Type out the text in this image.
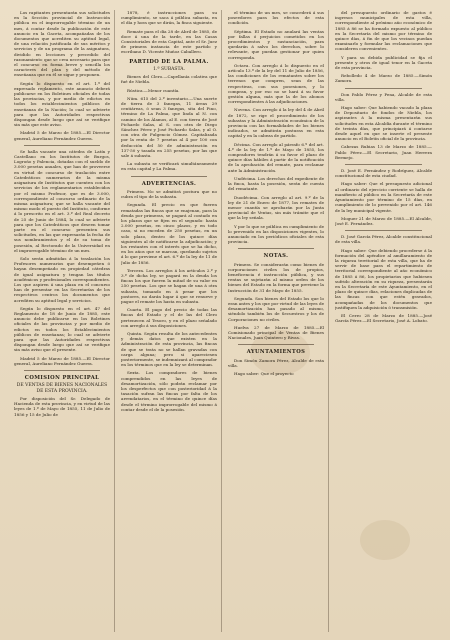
Los rapitantes presentarán sus solicitudes en la Sección provincial de Instrucción pública en el improrrogable término de un mes, á contar desde la publicación de este anuncio en la Gaceta, acompañadas de los documentos que acrediten su aptitud legal, de una relación justificada de sus méritos y servicios y de un programa de la asignatura, dividido en lecciones y precedido del razonamiento que se crea necesario para que el concurso en forma breve y sencilla los caracteres del plan y del método de enseñanza que en él se sigue y proponen.

Según lo dispuesto en el art. 1.º del expresado reglamento, este anuncio deberá publicarse en los Boletines oficiales de todas las provincias, y por medio de edictos en todos los establecimientos públicos de enseñanza de la Nación; lo cual se advierte para que las Autoridades respectivas dispongan desde luego que así se verifique sin más que este aviso.

Madrid 5 de Marzo de 1885.—El Director general, Aureliano Fernández Guerra.

Se halla vacante una cátedra de Latín y Castellano en los Institutos de Burgos, Logroño y Palencia, dotadas con el sueldo de 3.000 pesetas anuales, que han de proveerse en virtud de concurso de traslación entre Catedráticos numerarios de la misma asignatura de Institutos que cuenten con los servicios de los reglamentarios establecidos por el mismo Profesor, que es de 3.000, correspondiente al concurso ordinario de la misma asignatura; que se halla vacante del mismo modo el puesto del Instituto, conforme á lo prescrito en el art. 3.º del Real decreto de 25 de Junio de 1884, lo cual se advierte para que los Catedráticos que deseen tomar parte en el concurso presenten sus solicitudes, en las que expresarán la fecha de sus nombramientos y el de su toma de posesión, al Rectorado de la Universidad en el improrrogable término de un mes.

Solo serán admitidas á la traslación los Profesores numerarios que desempeñen ó hayan desempeñado en propiedad cátedras de igual asignatura y tengan las títulos académicos y profesionales correspondientes. Los que aspiren á una plaza en el concurso han de presentar en las Secretarías de los respectivos centros los documentos que acrediten su aptitud legal y servicios.

Según lo dispuesto en el art. 47 del Reglamento de 18 de Junio de 1885, este anuncio debe publicarse en los Boletines oficiales de las provincias y por medio de edictos en todos los Establecimientos públicos de enseñanza; lo cual se advierte para que las Autoridades respectivas dispongan desde luego que así se verifique sin más aviso que el presente.

Madrid 5 de Marzo de 1885.—El Director general, Aureliano Fernández Guerra.

COMISION PRINCIPAL

DE VENTAS DE BIENES NACIONALES DE ESTA PROVINCIA.

Por disposición del Sr. Delegado de Hacienda de esta provincia, y en virtud de las leyes de 1.º de Mayo de 1855, 11 de Julio de 1856 y 15 de Julio de

1878, é instrucciones para su cumplimiento, se saca á pública subasta, en el día y hora que se dirán, la finca siguiente.

Remate para el día 28 de Abril de 1885, de doce á una de la tarde, en las Casas Consistoriales de esta Capital, ante el Sr. Juez de primera instancia de este partido y escribano D. Vicente Muñoz Caballero.

PARTIDO DE LA PALMA.

1.ª SUBASTA.

Bienes del Clero.—Capellanía colativa que fué de Niebla.

Rústica.—Menor cuantía.

Núm. 615 del 2.º inventario.—Una suerte de tierra de 3 fanegas, 11 áreas 29 centiáreas, ó sean 3 fanegas, sita del Pino, término de La Palma, que linda al N. con camino de los Álamos, al E. con tierra de José Pichardo Salas, al S. con otra de Diego Sánchez Pérez y José Pichardo Salas, y al O. con otra de Fulgencio Gómez. Capitalizada por la renta de 7 pesetas al 4 por 100 con deducción del 50 de administración en 137·50 y tasada en 255 pesetas, por las que sale á subasta.

La subasta se verificará simultáneamente en esta capital y La Palma.

ADVERTENCIAS.

Primera. No se admitirá postura que no cubra el tipo de la subasta.

Segunda. El precio en que fueren rematadas las fincas que se enajenan, para la deuda por primeras, se pagará al contado en los plazos que se fijen en el segundo: hasta 2.000 pesetas, en cinco plazos, y en todo caso, si no exceden de 250 pesetas, en un solo plazo, dentro de los quince días siguientes al de notificarse la adjudicación; y los restantes con el interés que se ha dicho, en los años que se marcan, quedando sujetos á lo que previene el art. 6.º de la ley de 11 de Julio de 1856.

Tercera. Los arreglos á los artículos 2.º y 3.º de dicha ley, se pagará en la deuda los fincas los que fueren la mitad de su valor en 250 pesetas. Los que se hagan de una á otra subasta, tomando en á pesar que los postores, no darán lugar á que se renueve y pague el remate los hasta en subasta.

Cuarta. El pago del precio de todas las fincas del Estado y el de las del Clero pertenecen al Tesoro, y en el plazo señalado con arreglo á sus disposiciones.

Quinta. Según resulta de los antecedentes y demás datos que existen en la Administración de esta provincia, las fincas de que se trata no se hallan gravadas con carga alguna; pero si apareciesen posteriormente, se indemnizará al comprador en los términos que en la ley se determinan.

Sexta. Los compradores de bienes comprendidos en las leyes de desamortización, sólo podrán reclamar por los desperfectos que con posterioridad á la tasación sufran las fincas por falta de los arrendatarios, en el término de quince días desde el término improrrogable del mismo á contar desde el de la posesión.

el término de un mes, se concederá á sus poseedores para los efectos de esta condición.

Séptima. El Estado no anulará las ventas por fallas ó perjuicios cometidos en los procedimientos y sustanciación, para quedarán á salvo los derechos, sobre lo relevante, que puedan gestionar por quien corresponda.

Octava. Con arreglo á lo dispuesto en el artículo 13.º de la ley del 11 de Julio de 1856, las condiciones de los rematantes sobre los terrenos que compren, sean de las respectivas, con sus posesiones, y lo compran, y por eso no se hará á su favor gestión alguna, más que la de los abonos correspondientes á las adjudicaciones.

Novena. Con arreglo á la ley del 4 de Abril de 1872, se rige el procedimiento de los subastas y la Administración económica de la provincia con las formalidades de los bienes indicados, se admitirán posturas en esta capital y en la cabeza de partido.

Décima. Con arreglo al párrafo 6.º del art. 4.º de la ley de 1.º de Mayo de 1855, los compradores tendrán á su favor el plazo de quince días hábiles á partir de la notificación de la aprobación del remate, para reclamar ante la Administración.

Undécima. Los derechos del expediente de la finca, hasta la posesión, serán de cuenta del rematante.

Duodécima. Con arreglo al art. 9.º de la ley de 21 de Enero de 1877, los remates de menor cuantía se aprobarán por la Junta provincial de Ventas, sin más trámite que el que la ley señala.

Y por lo que se pública en cumplimiento de lo prevenido en las disposiciones vigentes, lo anunciado en los periódicos oficiales de esta provincia.

NOTAS.

Primera. Se considerarán como bienes de corporaciones civiles los de propios, beneficencia é instrucción pública, y sus rentas se sujetarán al mismo orden de los bienes del Estado en la forma que previene la Instrucción de 31 de Mayo de 1855.

Segunda. Son bienes del Estado los que lo eran antes y los que por virtud de las leyes de desamortización han pasado al mismo, siéndolo también los de Secuestros y los de Corporaciones no civiles.

Huelva 27 de Marzo de 1885.—El Comisionado principal de Ventas de Bienes Nacionales, Juan Quintero y Rivas.

AYUNTAMIENTOS

Don Simón Zamora Pérez, Alcalde de esta villa.

Hago saber: Que el proyecto

del presupuesto ordinario de gastos é ingresos municipales de esta villa, correspondiente al próximo año económico de 1885 á 86 se ha formado expuesto al público en la Secretaría del mismo por término de quince días, á fin de que los vecinos puedan examinarlo y formular las reclamaciones que consideren convenientes.

Y para su debida publicidad se fija el presente y otros de igual tenor en la Gaceta de esta provincia.

Rebolledo 4 de Marzo de 1885.—Simón Zamora.

Don Pablo Pérez y Pena, Alcalde de esta villa.

Hago saber: Que habiendo vacado la plaza de Depositario de fondos de Niebla, los aspirantes á la misma presentarán sus solicitudes en esta Alcaldía durante el término de treinta días, que principiará á contarse desde aquel en que se inserte el presente anuncio en el Boletín oficial de la provincia.

Cabezas Rubias 13 de Marzo de 1885.—Pablo Pérez.—El Secretario, Juan Herrera Bermejo.

D. José E. Fernández y Rodríguez, Alcalde constitucional de esta ciudad.

Hago saber: Que el presupuesto adicional al ordinario del ejercicio corriente se halla de manifiesto al público en la Secretaría de este Ayuntamiento por término de 15 días, en cumplimiento de lo prevenido por el art. 146 de la ley municipal vigente.

Moguer 21 de Marzo de 1885.—El Alcalde, José E. Fernández.

D. José García Pérez, Alcalde constitucional de esta villa.

Hago saber: Que debiendo procederse á la formación del apéndice al amillaramiento de la riqueza territorial de esta villa, que ha de servir de base para el repartimiento de territorial correspondiente al año económico de 1885 á 86, los propietarios que hubiesen sufrido alteración en su riqueza, presentarán en la Secretaría de este Ayuntamiento, en el plazo de quince días, relaciones duplicadas de las fincas con que estén gravados, acompañadas de los documentos que justifiquen la adquisición ó transmisión.

El Cerro 28 de Marzo de 1885.—José García Pérez.—El Secretario, José A. Lobato.
